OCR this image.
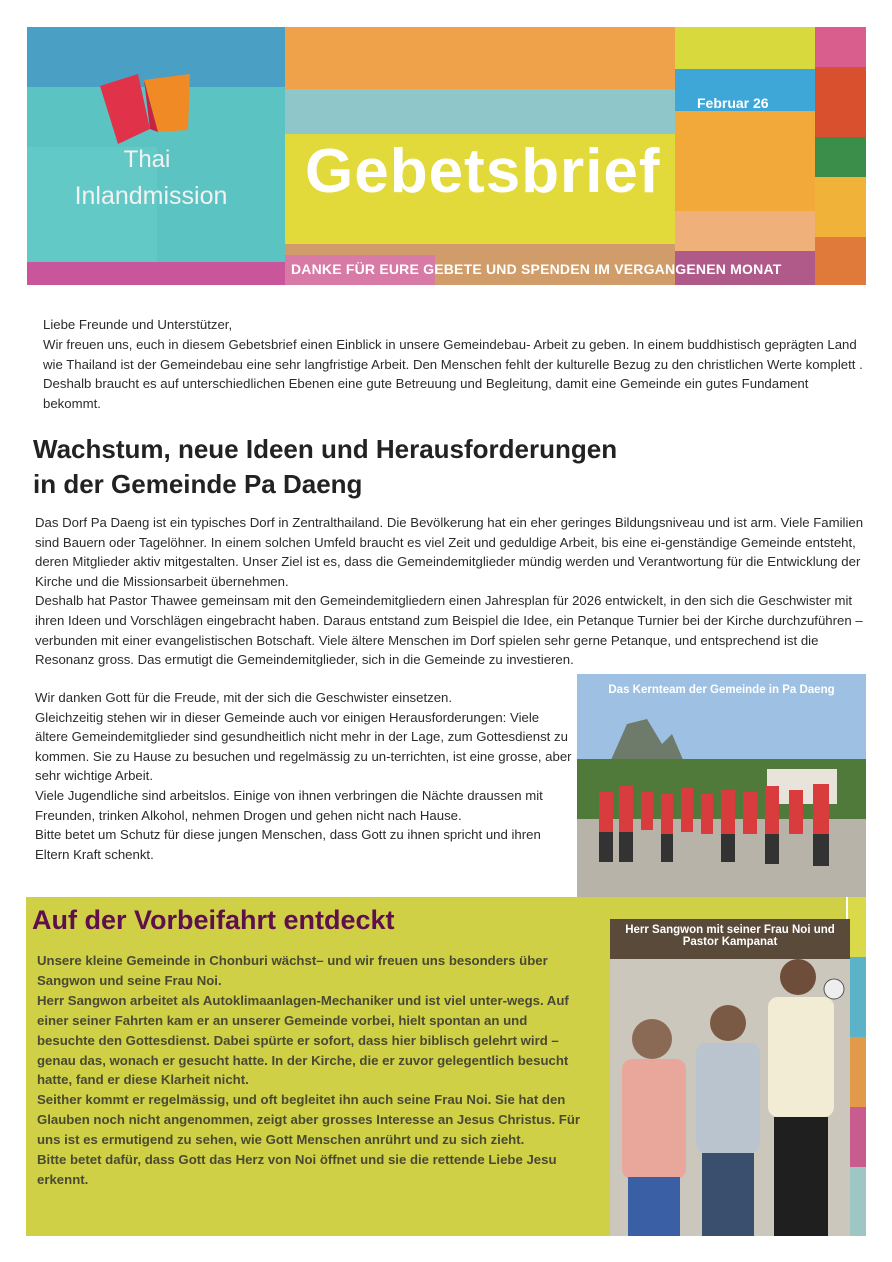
Thai
Inlandmission
Februar 26
Gebetsbrief
DANKE FÜR EURE GEBETE UND SPENDEN IM VERGANGENEN MONAT
Liebe Freunde und Unterstützer,
Wir freuen uns, euch in diesem Gebetsbrief einen Einblick in unsere Gemeindebau- Arbeit zu geben. In einem buddhistisch geprägten Land wie Thailand ist der Gemeindebau eine sehr langfristige Arbeit. Den Menschen fehlt der kulturelle Bezug zu den christlichen Werte komplett . Deshalb braucht es auf unterschiedlichen Ebenen eine gute Betreuung und Begleitung, damit eine Gemeinde ein gutes Fundament bekommt.
Wachstum, neue Ideen und Herausforderungen
in der Gemeinde Pa Daeng
Das Dorf Pa Daeng ist ein typisches Dorf in Zentralthailand. Die Bevölkerung hat ein eher geringes Bildungsniveau und ist arm. Viele Familien sind Bauern oder Tagelöhner. In einem solchen Umfeld braucht es viel Zeit und geduldige Arbeit, bis eine ei-genständige Gemeinde entsteht, deren Mitglieder aktiv mitgestalten. Unser Ziel ist es, dass die Gemeindemitglieder mündig werden und Verantwortung für die Entwicklung der Kirche und die Missionsarbeit übernehmen.
Deshalb hat Pastor Thawee gemeinsam mit den Gemeindemitgliedern einen Jahresplan für 2026 entwickelt, in den sich die Geschwister mit ihren Ideen und Vorschlägen eingebracht haben. Daraus entstand zum Beispiel die Idee, ein Petanque Turnier bei der Kirche durchzuführen – verbunden mit einer evangelistischen Botschaft. Viele ältere Menschen im Dorf spielen sehr gerne Petanque, und entsprechend ist die Resonanz gross. Das ermutigt die Gemeindemitglieder, sich in die Gemeinde zu investieren.
Wir danken Gott für die Freude, mit der sich die Geschwister einsetzen.
Gleichzeitig stehen wir in dieser Gemeinde auch vor einigen Herausforderungen: Viele ältere Gemeindemitglieder sind gesundheitlich nicht mehr in der Lage, zum Gottesdienst zu kommen. Sie zu Hause zu besuchen und regelmässig zu un-terrichten, ist eine grosse, aber sehr wichtige Arbeit.
Viele Jugendliche sind arbeitslos. Einige von ihnen verbringen die Nächte draussen mit Freunden, trinken Alkohol, nehmen Drogen und gehen nicht nach Hause.
Bitte betet um Schutz für diese jungen Menschen, dass Gott zu ihnen spricht und ihren Eltern Kraft schenkt.
Das Kernteam der Gemeinde in Pa Daeng
Auf der Vorbeifahrt entdeckt
Unsere kleine Gemeinde in Chonburi wächst– und wir freuen uns besonders über Sangwon und seine Frau Noi.
Herr Sangwon arbeitet als Autoklimaanlagen-Mechaniker und ist viel unter-wegs. Auf einer seiner Fahrten kam er an unserer Gemeinde vorbei, hielt spontan an und besuchte den Gottesdienst. Dabei spürte er sofort, dass hier biblisch gelehrt wird – genau das, wonach er gesucht hatte. In der Kirche, die er zuvor gelegentlich besucht hatte, fand er diese Klarheit nicht.
Seither kommt er regelmässig, und oft begleitet ihn auch seine Frau Noi. Sie hat den Glauben noch nicht angenommen, zeigt aber grosses Interesse an Jesus Christus. Für uns ist es ermutigend zu sehen, wie Gott Menschen anrührt und zu sich zieht.
Bitte betet dafür, dass Gott das Herz von Noi öffnet und sie die rettende Liebe Jesu erkennt.
Herr Sangwon mit seiner Frau Noi und Pastor Kampanat
